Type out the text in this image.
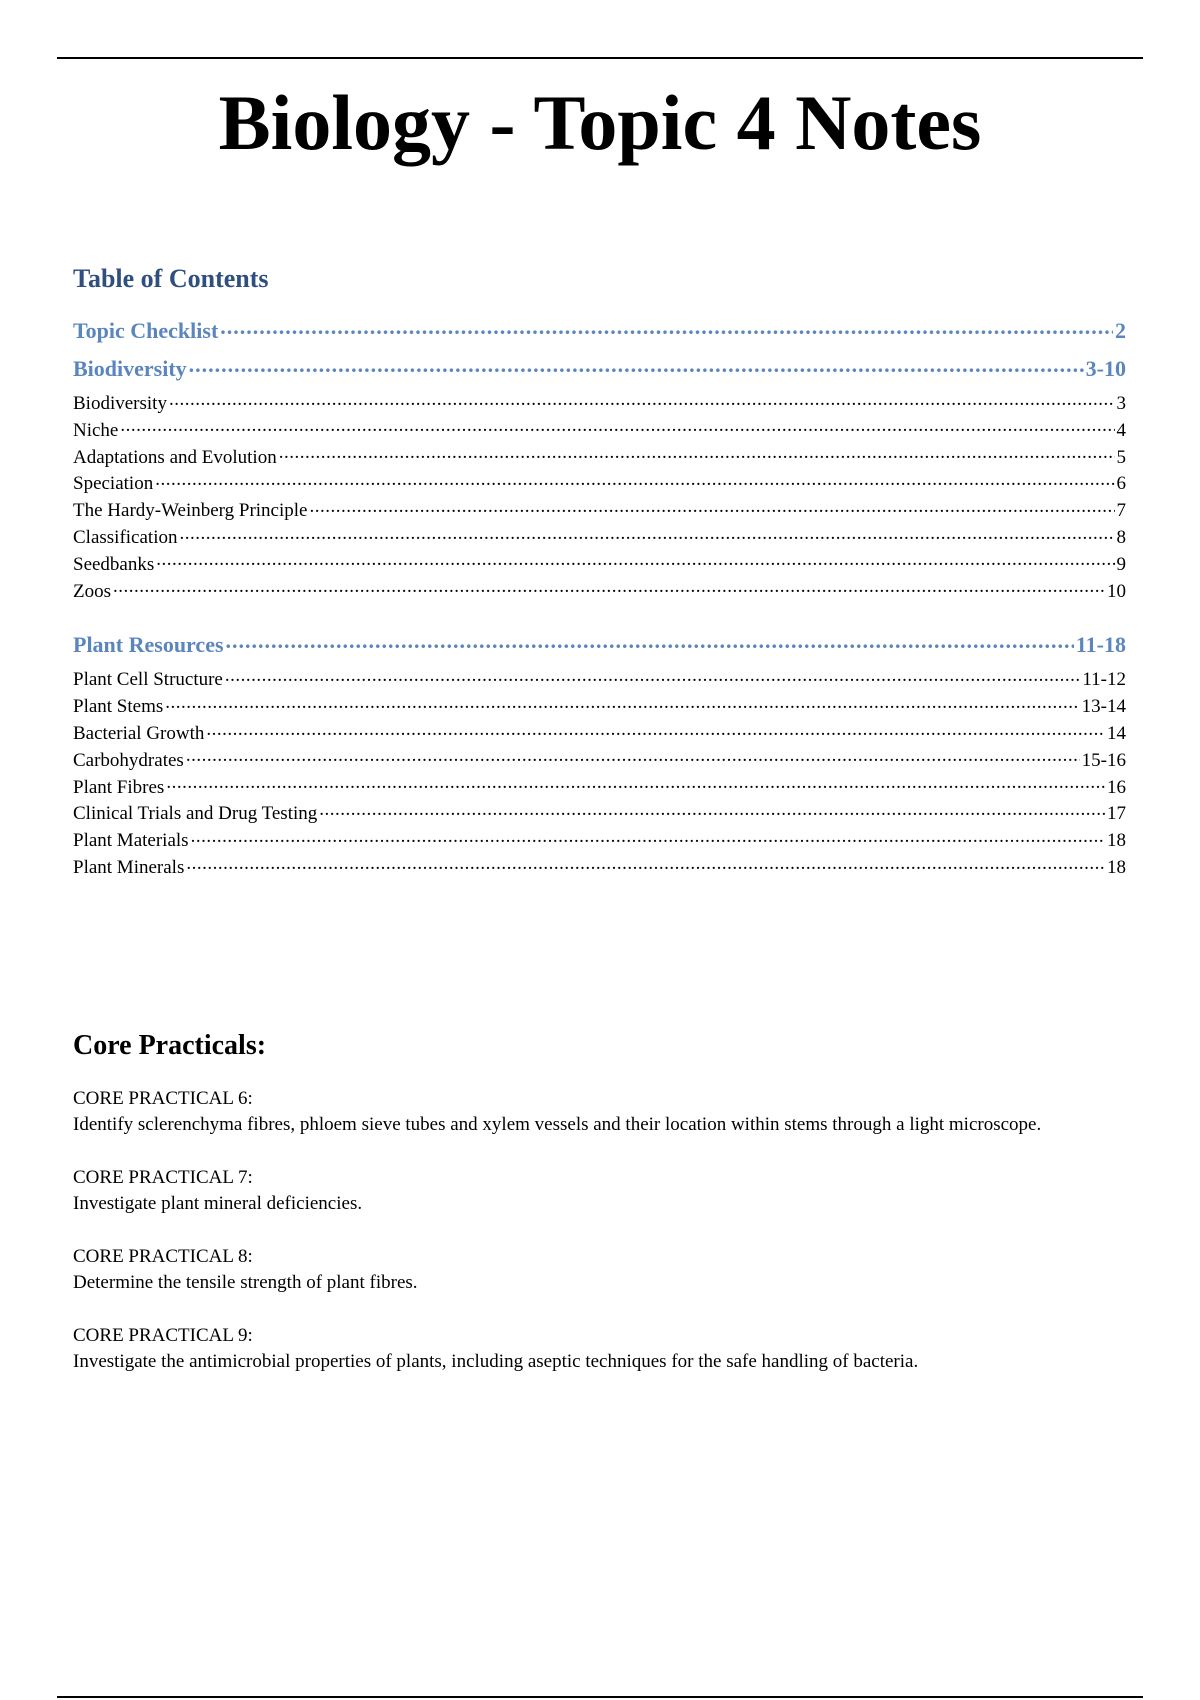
Biology - Topic 4 Notes
Table of Contents
Topic Checklist .....	2
Biodiversity .....	3-10
Biodiversity .....	3
Niche .....	4
Adaptations and Evolution .....	5
Speciation .....	6
The Hardy-Weinberg Principle .....	7
Classification .....	8
Seedbanks .....	9
Zoos .....	10
Plant Resources .....	11-18
Plant Cell Structure .....	11-12
Plant Stems .....	13-14
Bacterial Growth .....	14
Carbohydrates .....	15-16
Plant Fibres .....	16
Clinical Trials and Drug Testing .....	17
Plant Materials .....	18
Plant Minerals .....	18
Core Practicals:
CORE PRACTICAL 6:
Identify sclerenchyma fibres, phloem sieve tubes and xylem vessels and their location within stems through a light microscope.
CORE PRACTICAL 7:
Investigate plant mineral deficiencies.
CORE PRACTICAL 8:
Determine the tensile strength of plant fibres.
CORE PRACTICAL 9:
Investigate the antimicrobial properties of plants, including aseptic techniques for the safe handling of bacteria.
